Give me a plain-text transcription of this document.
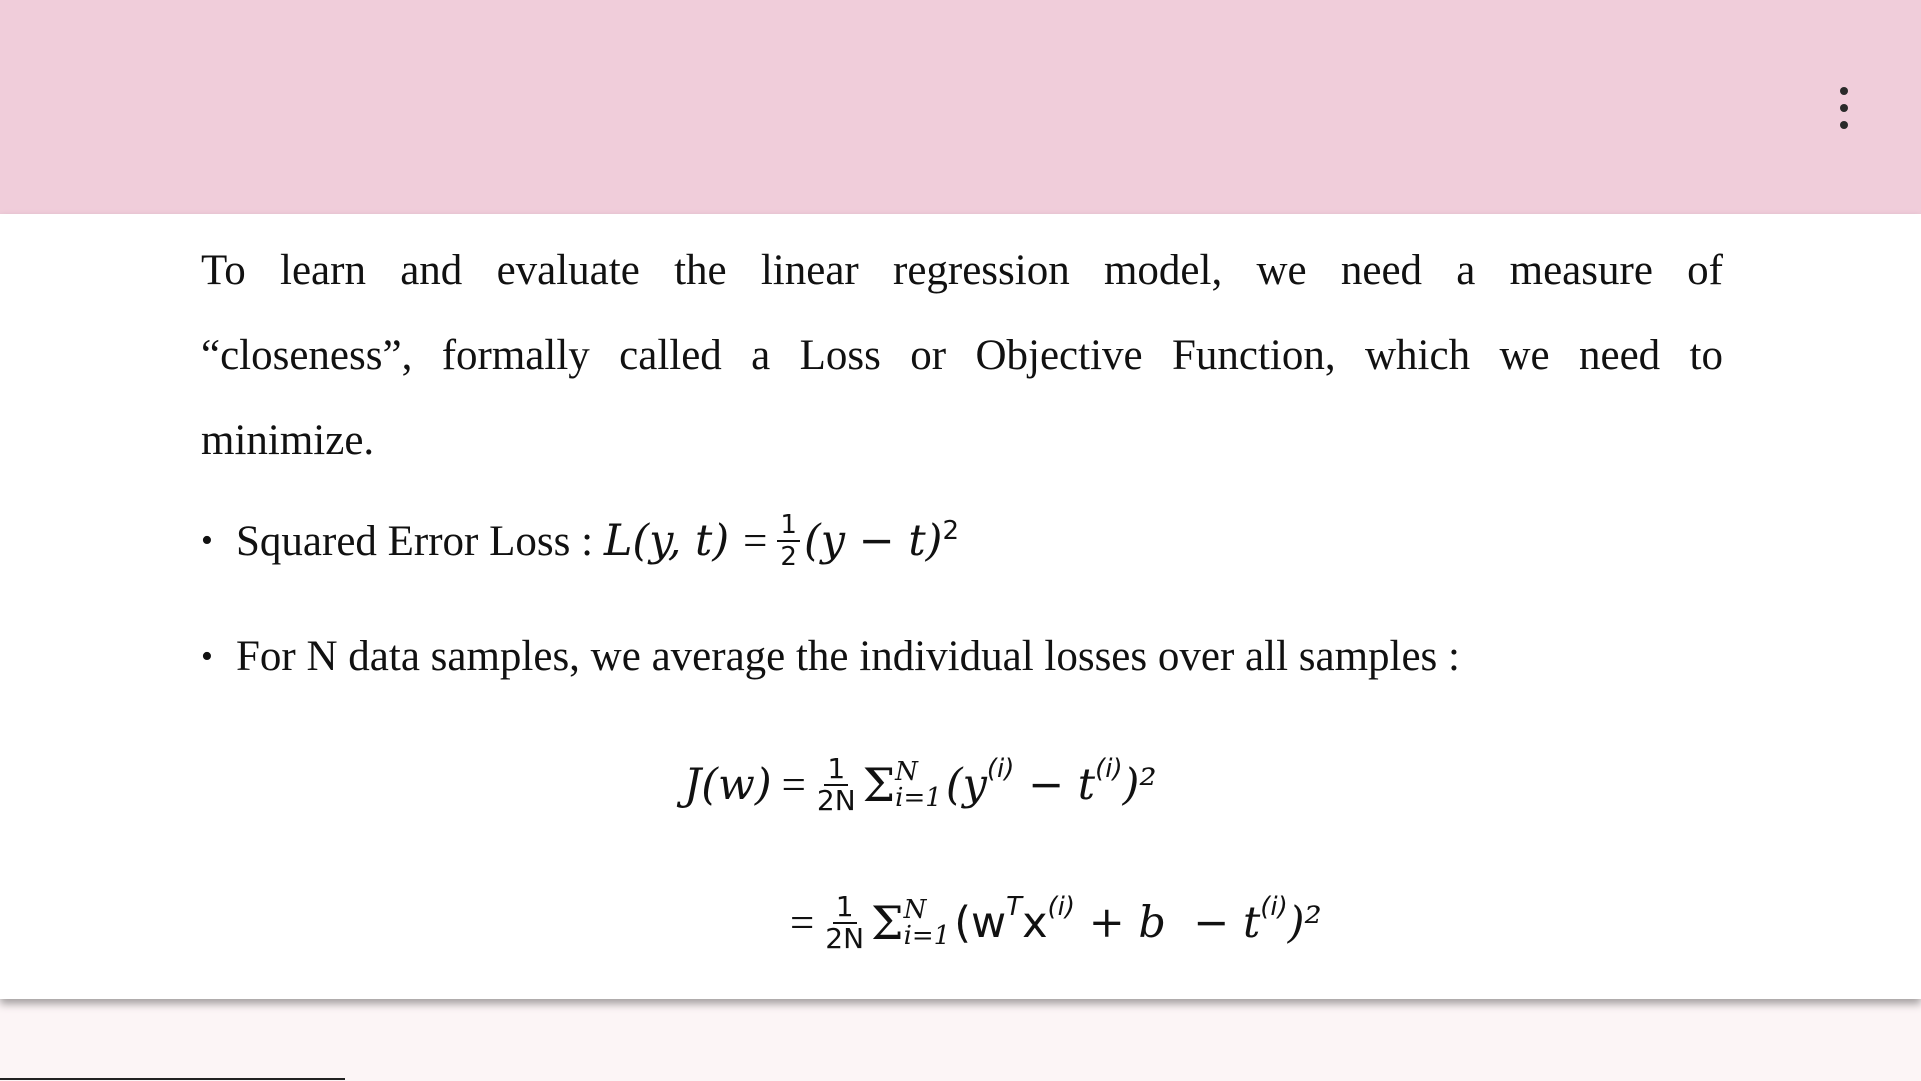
To learn and evaluate the linear regression model, we need a measure of
“closeness”, formally called a Loss or Objective Function, which we need to
minimize.

• Squared Error Loss : L(y, $t) = \frac{1}{2} (y - t)^2$
• For N data samples, we average the individual losses over all samples :
$J(w) = \frac{1}{2N}$ Σ N
i=1 ($y^{(i)} - t^{(i)}$ )²
= $\frac{1}{2N}$ Σ N
i=1 ($w^T$ $x^{(i)} + b - t^{(i)}$ )²
